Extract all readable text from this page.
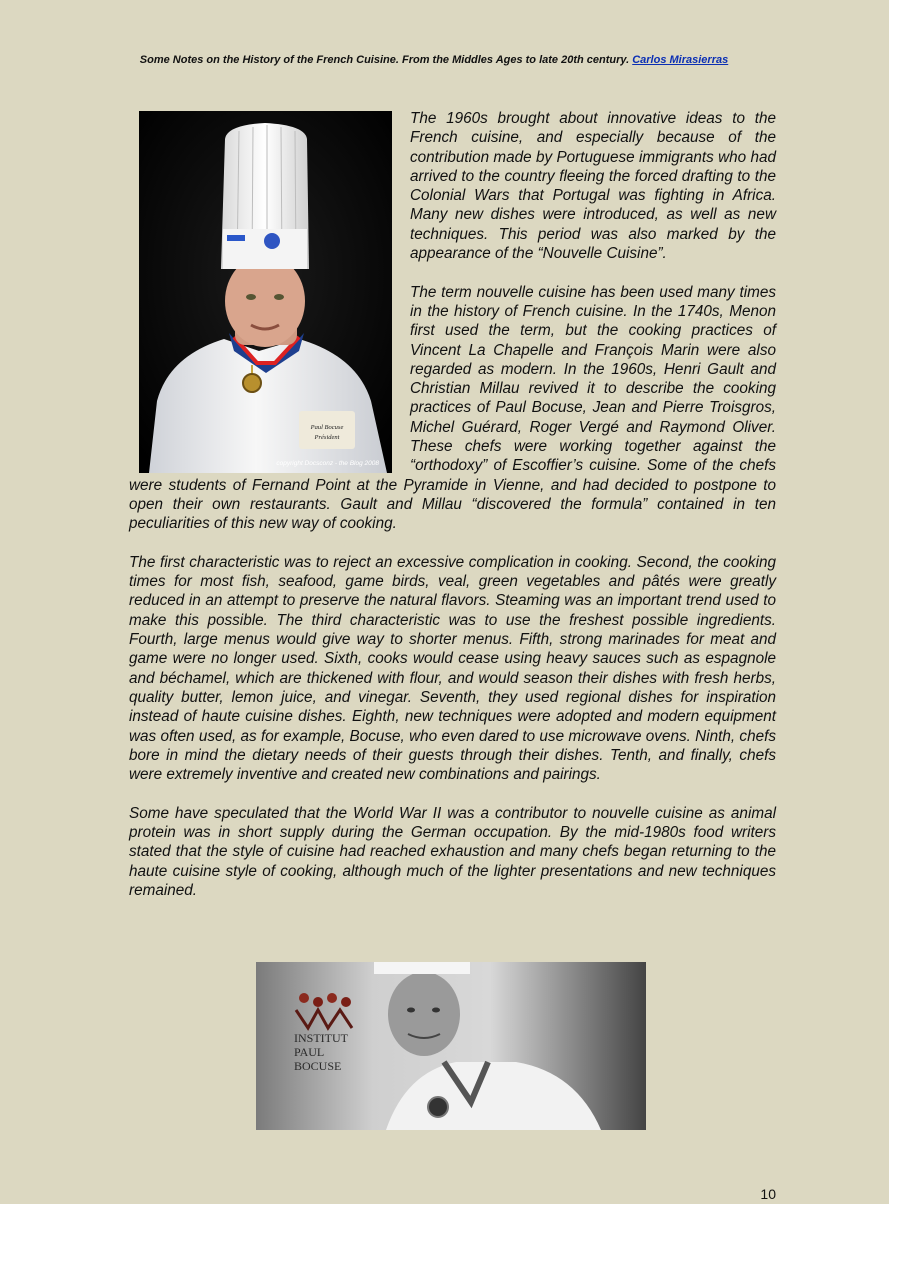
Some Notes on the History of the French Cuisine. From the Middles Ages to late 20th century. Carlos Mirasierras
Paul Bocuse
Président
copyright Docsconz - the Blog 2008

The 1960s brought about innovative ideas to the French cuisine, and especially because of the contribution made by Portuguese immigrants who had arrived to the country fleeing the forced drafting to the Colonial Wars that Portugal was fighting in Africa. Many new dishes were introduced, as well as new techniques. This period was also marked by the appearance of the “Nouvelle Cuisine”.

The term nouvelle cuisine has been used many times in the history of French cuisine. In the 1740s, Menon first used the term, but the cooking practices of Vincent La Chapelle and François Marin were also regarded as modern. In the 1960s, Henri Gault and Christian Millau revived it to describe the cooking practices of Paul Bocuse, Jean and Pierre Troisgros, Michel Guérard, Roger Vergé and Raymond Oliver. These chefs were working together against the “orthodoxy” of Escoffier’s cuisine. Some of the chefs were students of Fernand Point at the Pyramide in Vienne, and had decided to postpone to open their own restaurants. Gault and Millau “discovered the formula” contained in ten peculiarities of this new way of cooking.

The first characteristic was to reject an excessive complication in cooking. Second, the cooking times for most fish, seafood, game birds, veal, green vegetables and pâtés were greatly reduced in an attempt to preserve the natural flavors. Steaming was an important trend used to make this possible. The third characteristic was to use the freshest possible ingredients. Fourth, large menus would give way to shorter menus. Fifth, strong marinades for meat and game were no longer used. Sixth, cooks would cease using heavy sauces such as espagnole and béchamel, which are thickened with flour, and would season their dishes with fresh herbs, quality butter, lemon juice, and vinegar. Seventh, they used regional dishes for inspiration instead of haute cuisine dishes. Eighth, new techniques were adopted and modern equipment was often used, as for example, Bocuse, who even dared to use microwave ovens. Ninth, chefs bore in mind the dietary needs of their guests through their dishes. Tenth, and finally, chefs were extremely inventive and created new combinations and pairings.

Some have speculated that the World War II was a contributor to nouvelle cuisine as animal protein was in short supply during the German occupation. By the mid-1980s food writers stated that the style of cuisine had reached exhaustion and many chefs began returning to the haute cuisine style of cooking, although much of the lighter presentations and new techniques remained.

INSTITUT
PAUL
BOCUSE
10
